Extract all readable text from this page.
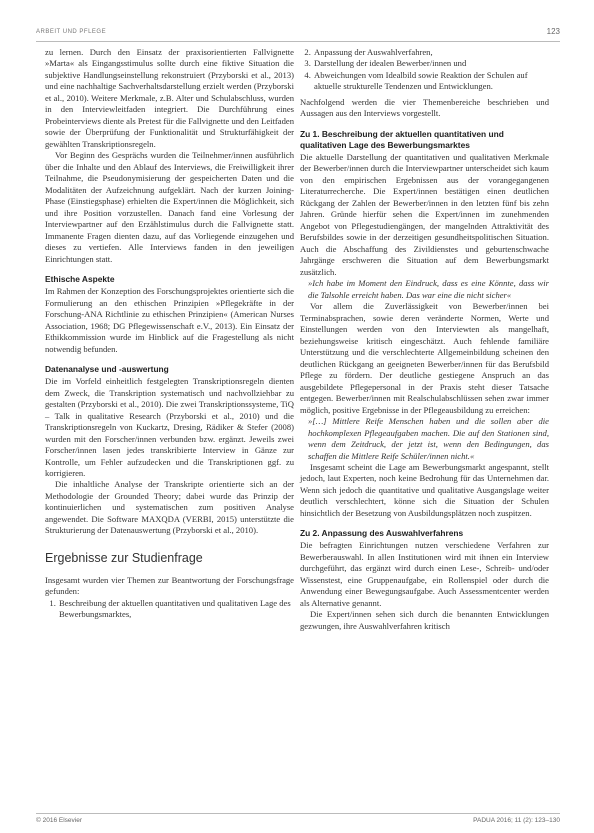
ARBEIT UND PFLEGE	123

zu lernen. Durch den Einsatz der praxisorientierten Fallvignette »Marta« als Eingangsstimulus sollte durch eine fiktive Situation die subjektive Handlungseinstellung rekonstruiert (Przyborski et al., 2013) und eine nachhaltige Sachverhaltsdarstellung erzielt werden (Przyborski et al., 2010). Weitere Merkmale, z.B. Alter und Schulabschluss, wurden in den Interviewleitfaden integriert. Die Durchführung eines Probeinterviews diente als Pretest für die Fallvignette und den Leitfaden sowie der Überprüfung der Funktionalität und Strukturfähigkeit der gewählten Transkriptionsregeln.

Vor Beginn des Gesprächs wurden die Teilnehmer/innen ausführlich über die Inhalte und den Ablauf des Interviews, die Freiwilligkeit ihrer Teilnahme, die Pseudonymisierung der gespeicherten Daten und die Modalitäten der Aufzeichnung aufgeklärt. Nach der kurzen Joining-Phase (Einstiegsphase) erhielten die Expert/innen die Möglichkeit, sich und ihre Position vorzustellen. Danach fand eine Vorlesung der Interviewpartner auf den Erzählstimulus durch die Fallvignette statt. Immanente Fragen dienten dazu, auf das Vorliegende einzugehen und dieses zu vertiefen. Alle Interviews fanden in den jeweiligen Einrichtungen statt.

Ethische Aspekte

Im Rahmen der Konzeption des Forschungsprojektes orientierte sich die Formulierung an den ethischen Prinzipien »Pflegekräfte in der Forschung-ANA Richtlinie zu ethischen Prinzipien« (American Nurses Association, 1968; DG Pflegewissenschaft e.V., 2013). Ein Einsatz der Ethikkommission wurde im Hinblick auf die Fragestellung als nicht notwendig befunden.

Datenanalyse und -auswertung

Die im Vorfeld einheitlich festgelegten Transkriptionsregeln dienten dem Zweck, die Transkription systematisch und nachvollziehbar zu gestalten (Przyborski et al., 2010). Die zwei Transkriptionssysteme, TiQ – Talk in qualitative Research (Przyborski et al., 2010) und die Transkriptionsregeln von Kuckartz, Dresing, Rädiker & Stefer (2008) wurden mit den Forscher/innen verbunden bzw. ergänzt. Jeweils zwei Forscher/innen lasen jedes transkribierte Interview in Gänze zur Kontrolle, um Fehler aufzudecken und die Transkriptionen ggf. zu korrigieren.

Die inhaltliche Analyse der Transkripte orientierte sich an der Methodologie der Grounded Theory; dabei wurde das Prinzip der kontinuierlichen und systematischen zum positiven Analyse angewendet. Die Software MAXQDA (VERBI, 2015) unterstützte die Strukturierung der Datenauswertung (Przyborski et al., 2010).

Ergebnisse zur Studienfrage

Insgesamt wurden vier Themen zur Beantwortung der Forschungsfrage gefunden:

1. Beschreibung der aktuellen quantitativen und qualitativen Lage des Bewerbungsmarktes,
2. Anpassung der Auswahlverfahren,
3. Darstellung der idealen Bewerber/innen und
4. Abweichungen vom Idealbild sowie Reaktion der Schulen auf aktuelle strukturelle Tendenzen und Entwicklungen.

Nachfolgend werden die vier Themenbereiche beschrieben und Aussagen aus den Interviews vorgestellt.

Zu 1. Beschreibung der aktuellen quantitativen und qualitativen Lage des Bewerbungsmarktes

Die aktuelle Darstellung der quantitativen und qualitativen Merkmale der Bewerber/innen durch die Interviewpartner unterscheidet sich kaum von den empirischen Ergebnissen aus der vorangegangenen Literaturrecherche. Die Expert/innen bestätigen einen deutlichen Rückgang der Zahlen der Bewerber/innen in den letzten fünf bis zehn Jahren. Gründe hierfür sehen die Expert/innen im zunehmenden Angebot von Pflegestudiengängen, der mangelnden Attraktivität des Berufsbildes sowie in der derzeitigen gesundheitspolitischen Situation. Auch die Abschaffung des Zivildienstes und geburtenschwache Jahrgänge erschweren die Situation auf dem Bewerbungsmarkt zusätzlich.

»Ich habe im Moment den Eindruck, dass es eine Könnte, dass wir die Talsohle erreicht haben. Das war eine die nicht sicher«

Vor allem die Zuverlässigkeit von Bewerber/innen bei Terminabsprachen, sowie deren veränderte Normen, Werte und Einstellungen werden von den Interviewten als mangelhaft, beziehungsweise kritisch eingeschätzt. Auch fehlende familiäre Unterstützung und die verschlechterte Allgemeinbildung scheinen den deutlichen Rückgang an geeigneten Bewerber/innen für das Berufsbild Pflege zu fördern. Der deutliche gestiegene Anspruch an das ausgebildete Pflegepersonal in der Praxis steht dieser Tatsache entgegen. Bewerber/innen mit Realschulabschlüssen sehen zwar immer möglich, positive Ergebnisse in der Pflegeausbildung zu erreichen:

»[…] Mittlere Reife Menschen haben und die sollen aber die hochkomplexen Pflegeaufgaben machen. Die auf den Stationen sind, wenn dem Zeitdruck, der jetzt ist, wenn den Bedingungen, das schaffen die Mittlere Reife Schüler/innen nicht.«

Insgesamt scheint die Lage am Bewerbungsmarkt angespannt, stellt jedoch, laut Experten, noch keine Bedrohung für das Unternehmen dar. Wenn sich jedoch die quantitative und qualitative Ausgangslage weiter deutlich verschlechtert, könne sich die Situation der Schulen hinsichtlich der Besetzung von Ausbildungsplätzen noch zuspitzen.

Zu 2. Anpassung des Auswahlverfahrens

Die befragten Einrichtungen nutzen verschiedene Verfahren zur Bewerberauswahl. In allen Institutionen wird mit ihnen ein Interview durchgeführt, das ergänzt wird durch einen Lese-, Schreib- und/oder Wissenstest, eine Gruppenaufgabe, ein Rollenspiel oder durch die Anwendung einer Bewegungsaufgabe. Auch Assessmentcenter werden als Alternative genannt.

Die Expert/innen sehen sich durch die benannten Entwicklungen gezwungen, ihre Auswahlverfahren kritisch

© 2016 Elsevier	PADUA 2016; 11 (2): 123–130
